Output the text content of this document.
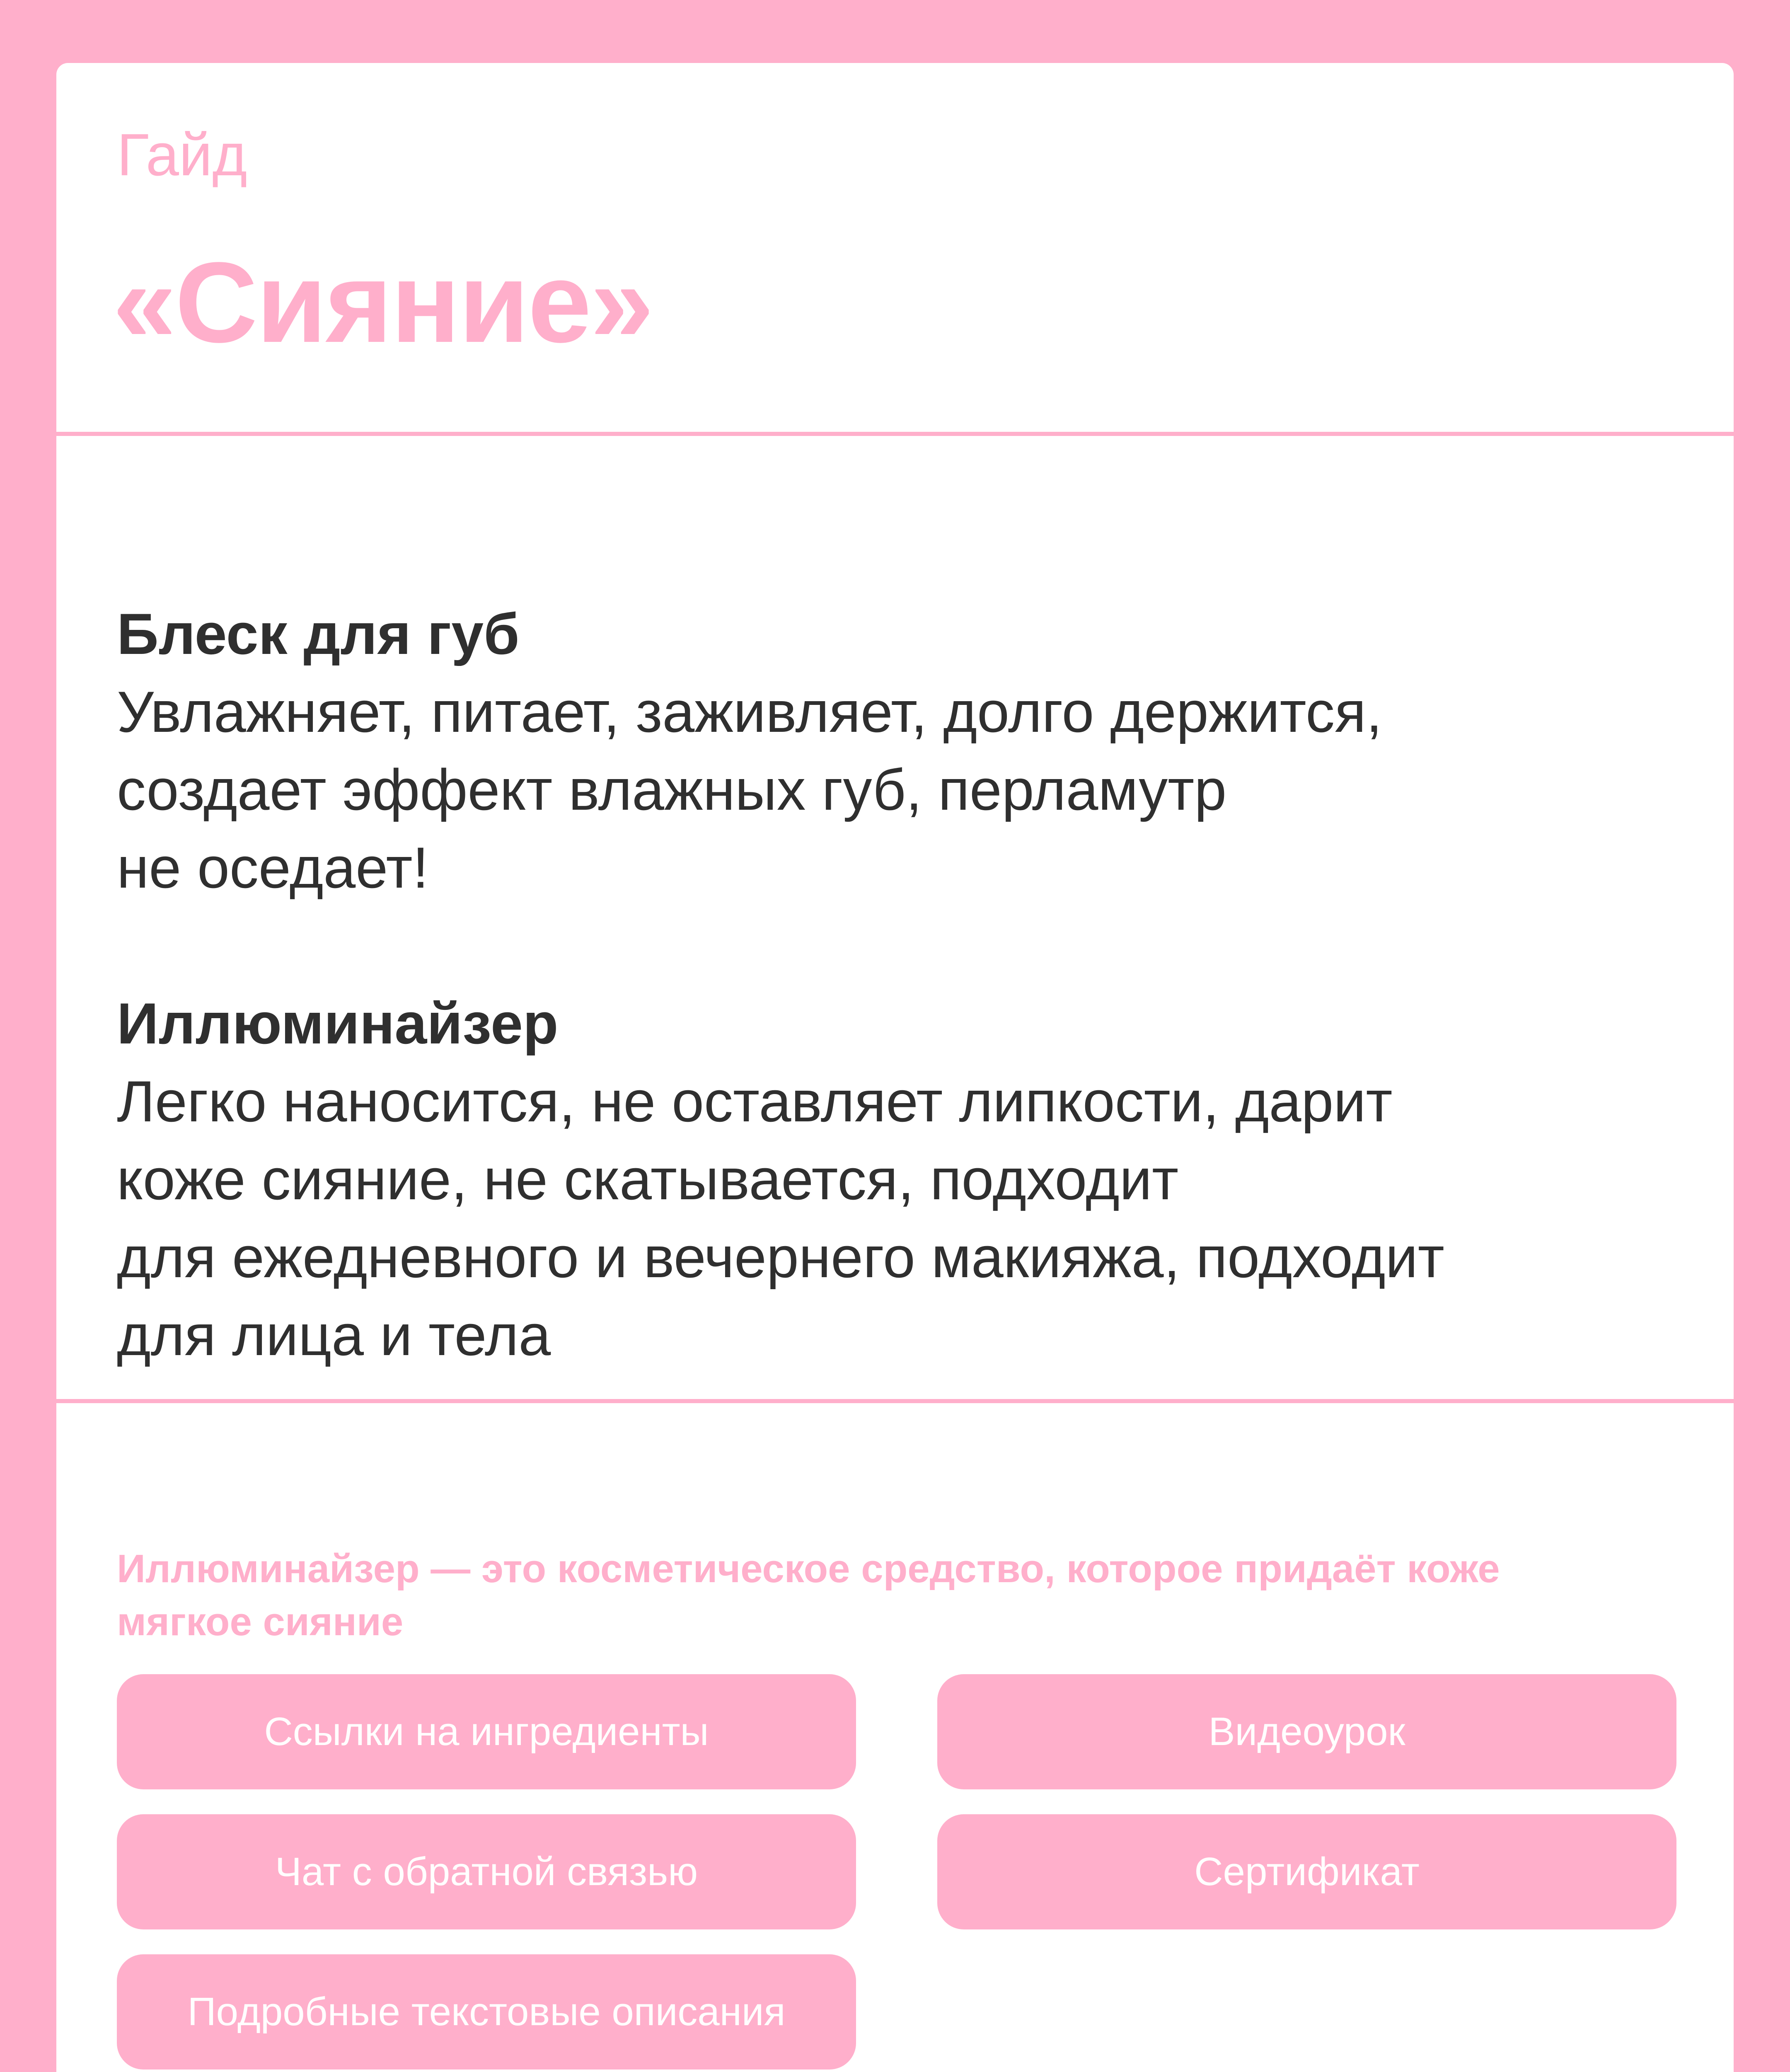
Гайд
«Сияние»
Блеск для губ
Увлажняет, питает, заживляет, долго держится,
создает эффект влажных губ, перламутр
не оседает!
Иллюминайзер
Легко наносится, не оставляет липкости, дарит
коже сияние, не скатывается, подходит
для ежедневного и вечернего макияжа, подходит
для лица и тела
Иллюминайзер — это косметическое средство, которое придаёт коже
мягкое сияние
Ссылки на ингредиенты	Видеоурок
Чат с обратной связью	Сертификат
Подробные текстовые описания
